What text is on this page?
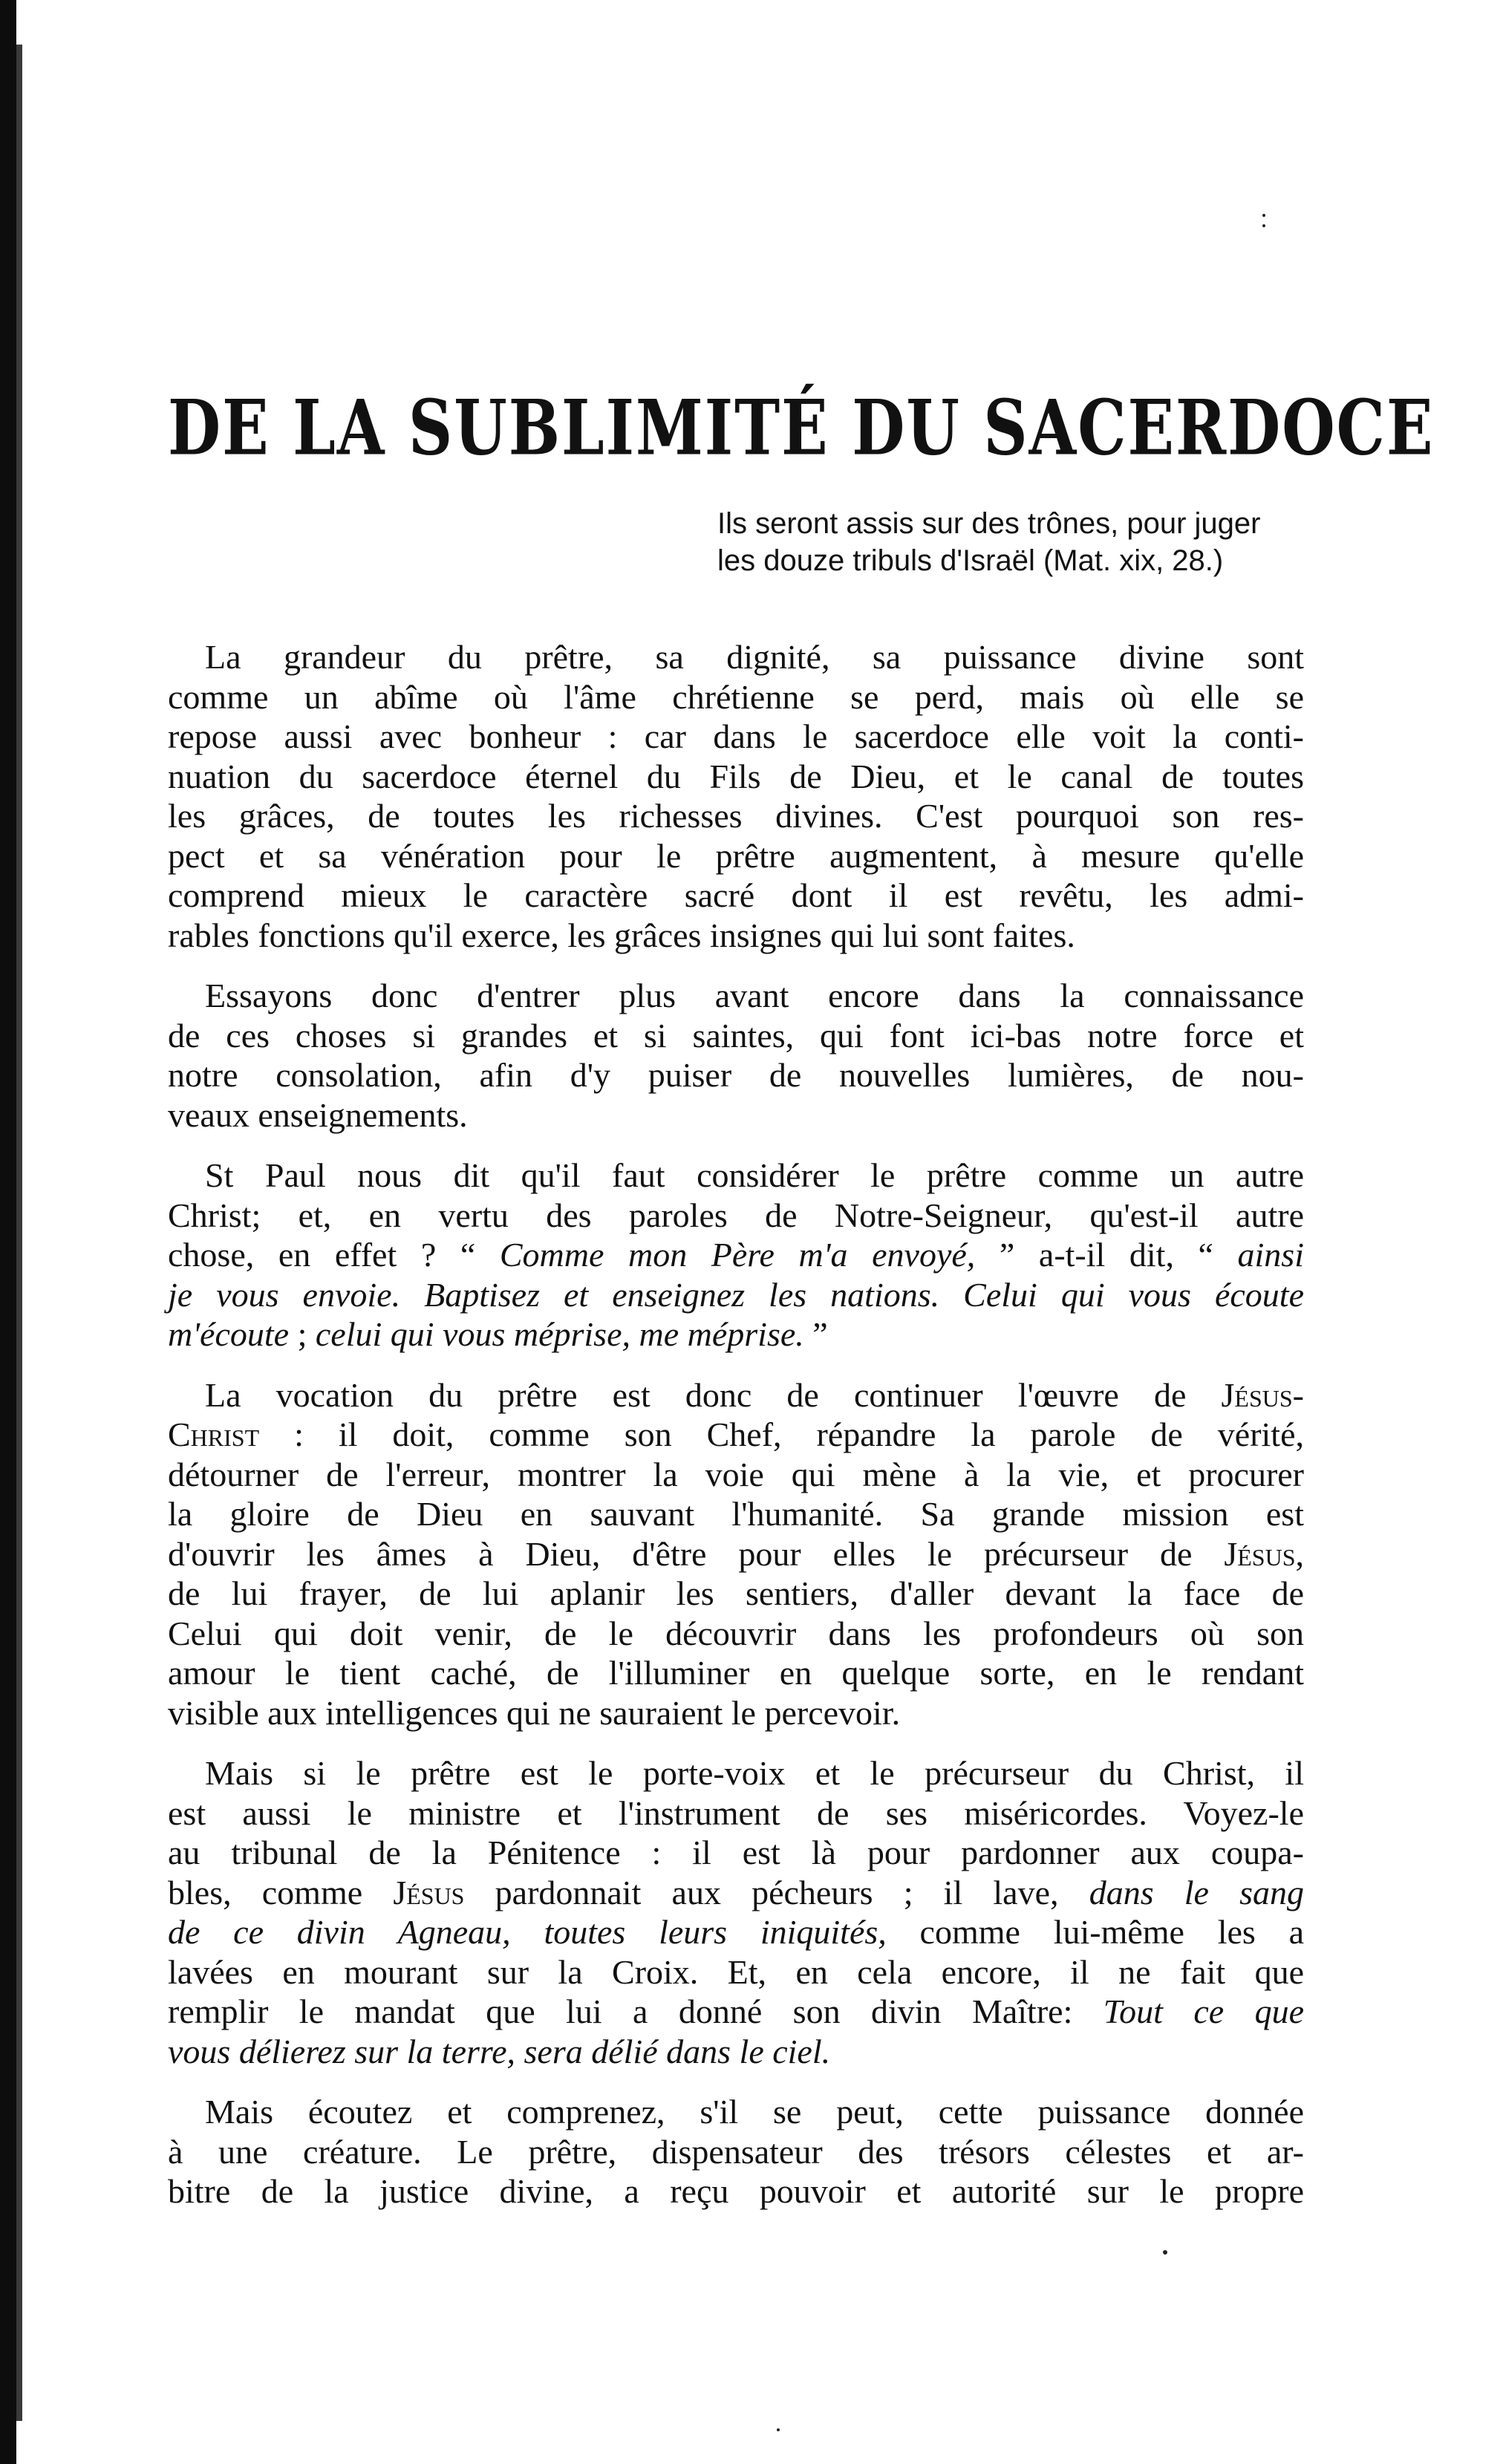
DE LA SUBLIMITÉ DU SACERDOCE
Ils seront assis sur des trônes, pour juger
les douze tribuls d'Israël (Mat. xix, 28.)
La grandeur du prêtre, sa dignité, sa puissance divine sont
comme un abîme où l'âme chrétienne se perd, mais où elle se
repose aussi avec bonheur : car dans le sacerdoce elle voit la conti-
nuation du sacerdoce éternel du Fils de Dieu, et le canal de toutes
les grâces, de toutes les richesses divines. C'est pourquoi son res-
pect et sa vénération pour le prêtre augmentent, à mesure qu'elle
comprend mieux le caractère sacré dont il est revêtu, les admi-
rables fonctions qu'il exerce, les grâces insignes qui lui sont faites.
Essayons donc d'entrer plus avant encore dans la connaissance
de ces choses si grandes et si saintes, qui font ici-bas notre force et
notre consolation, afin d'y puiser de nouvelles lumières, de nou-
veaux enseignements.
St Paul nous dit qu'il faut considérer le prêtre comme un autre
Christ; et, en vertu des paroles de Notre-Seigneur, qu'est-il autre
chose, en effet ? “ Comme mon Père m'a envoyé, ” a-t-il dit, “ ainsi
je vous envoie. Baptisez et enseignez les nations. Celui qui vous écoute
m'écoute ; celui qui vous méprise, me méprise. ”
La vocation du prêtre est donc de continuer l'œuvre de Jésus-
Christ : il doit, comme son Chef, répandre la parole de vérité,
détourner de l'erreur, montrer la voie qui mène à la vie, et procurer
la gloire de Dieu en sauvant l'humanité. Sa grande mission est
d'ouvrir les âmes à Dieu, d'être pour elles le précurseur de Jésus,
de lui frayer, de lui aplanir les sentiers, d'aller devant la face de
Celui qui doit venir, de le découvrir dans les profondeurs où son
amour le tient caché, de l'illuminer en quelque sorte, en le rendant
visible aux intelligences qui ne sauraient le percevoir.
Mais si le prêtre est le porte-voix et le précurseur du Christ, il
est aussi le ministre et l'instrument de ses miséricordes. Voyez-le
au tribunal de la Pénitence : il est là pour pardonner aux coupa-
bles, comme Jésus pardonnait aux pécheurs ; il lave, dans le sang
de ce divin Agneau, toutes leurs iniquités, comme lui-même les a
lavées en mourant sur la Croix. Et, en cela encore, il ne fait que
remplir le mandat que lui a donné son divin Maître: Tout ce que
vous délierez sur la terre, sera délié dans le ciel.
Mais écoutez et comprenez, s'il se peut, cette puissance donnée
à une créature. Le prêtre, dispensateur des trésors célestes et ar-
bitre de la justice divine, a reçu pouvoir et autorité sur le propre
